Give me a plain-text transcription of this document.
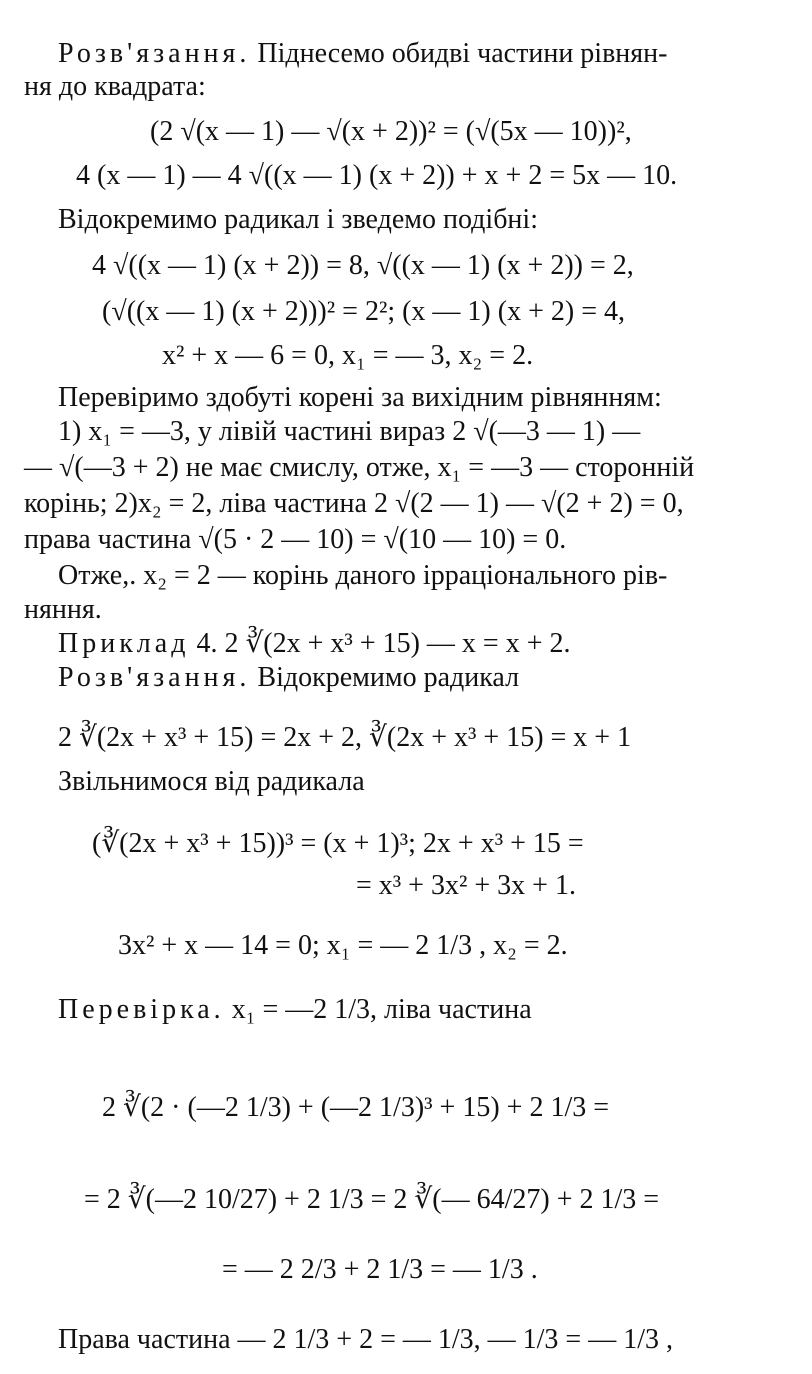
Розв'язання. Піднесемо обидві частини рівнян-
ня до квадрата:
(2 √(x — 1) — √(x + 2))² = (√(5x — 10))²,
4 (x — 1) — 4 √((x — 1) (x + 2)) + x + 2 = 5x — 10.
Відокремимо радикал і зведемо подібні:
4 √((x — 1) (x + 2)) = 8, √((x — 1) (x + 2)) = 2,
(√((x — 1) (x + 2)))² = 2²; (x — 1) (x + 2) = 4,
x² + x — 6 = 0, x₁ = — 3, x₂ = 2.
Перевіримо здобуті корені за вихідним рівнянням:
1) x₁ = —3, у лівій частині вираз 2 √(—3 — 1) —
— √(—3 + 2) не має смислу, отже, x₁ = —3 — сторонній
корінь; 2)x₂ = 2, ліва частина 2 √(2 — 1) — √(2 + 2) = 0,
права частина √(5 · 2 — 10) = √(10 — 10) = 0.
Отже,. x₂ = 2 — корінь даного ірраціонального рів-
няння.
Приклад 4. 2 ∛(2x + x³ + 15) — x = x + 2.
Розв'язання. Відокремимо радикал
2 ∛(2x + x³ + 15) = 2x + 2, ∛(2x + x³ + 15) = x + 1
Звільнимося від радикала
(∛(2x + x³ + 15))³ = (x + 1)³; 2x + x³ + 15 =
= x³ + 3x² + 3x + 1.
3x² + x — 14 = 0; x₁ = — 2 1/3 , x₂ = 2.
Перевірка. x₁ = —2 1/3, ліва частина
2 ∛(2 · (—2 1/3) + (—2 1/3)³ + 15) + 2 1/3 =
= 2 ∛(—2 10/27) + 2 1/3 = 2 ∛(— 64/27) + 2 1/3 =
= — 2 2/3 + 2 1/3 = — 1/3 .
Права частина — 2 1/3 + 2 = — 1/3, — 1/3 = — 1/3 ,
